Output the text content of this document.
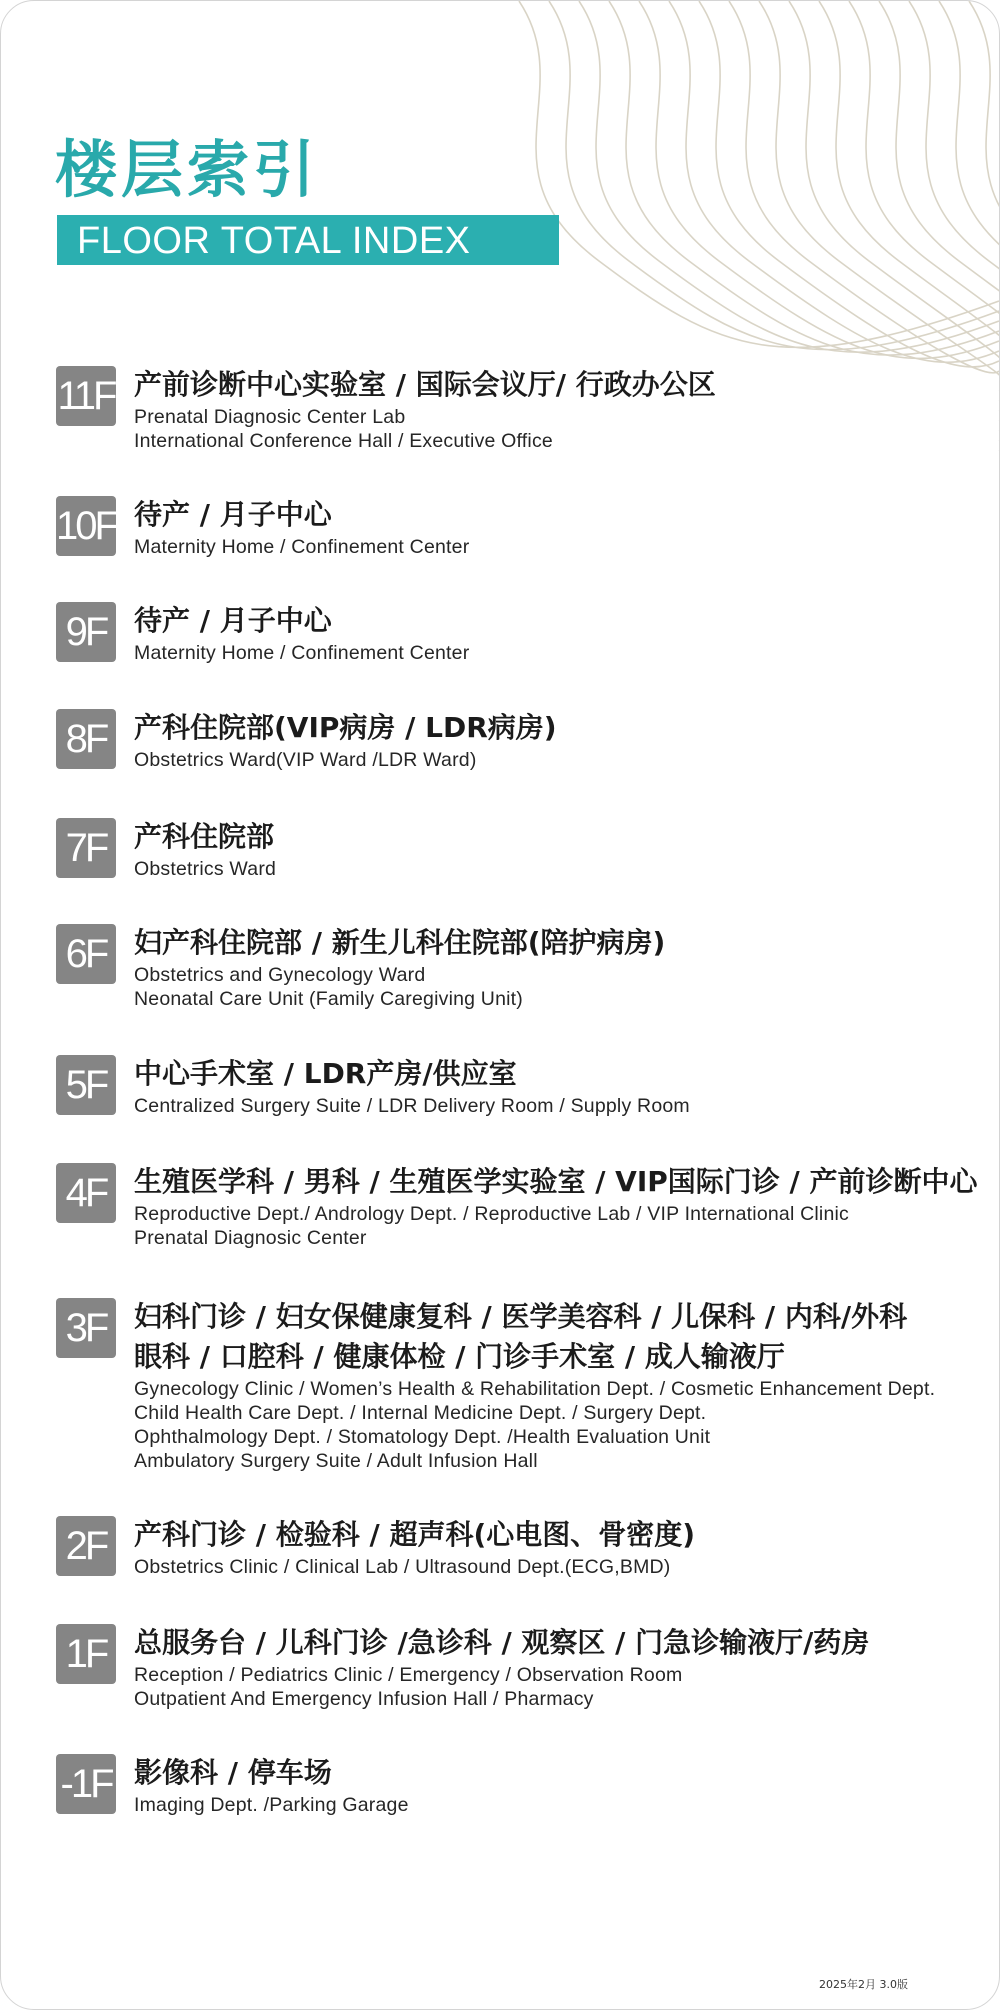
楼层索引
FLOOR TOTAL INDEX
11F 产前诊断中心实验室 / 国际会议厅/ 行政办公区
Prenatal Diagnosic Center Lab
International Conference Hall / Executive Office
10F 待产 / 月子中心
Maternity Home / Confinement Center
9F 待产 / 月子中心
Maternity Home / Confinement Center
8F 产科住院部(VIP病房 / LDR病房)
Obstetrics Ward(VIP Ward /LDR Ward)
7F 产科住院部
Obstetrics Ward
6F 妇产科住院部 / 新生儿科住院部(陪护病房)
Obstetrics and Gynecology Ward
Neonatal Care Unit (Family Caregiving Unit)
5F 中心手术室 / LDR产房/供应室
Centralized Surgery Suite / LDR Delivery Room / Supply Room
4F 生殖医学科 / 男科 / 生殖医学实验室 / VIP国际门诊 / 产前诊断中心
Reproductive Dept./ Andrology Dept. / Reproductive Lab / VIP International Clinic
Prenatal Diagnosic Center
3F 妇科门诊 / 妇女保健康复科 / 医学美容科 / 儿保科 / 内科/外科
眼科 / 口腔科 / 健康体检 / 门诊手术室 / 成人输液厅
Gynecology Clinic / Women’s Health & Rehabilitation Dept. / Cosmetic Enhancement Dept.
Child Health Care Dept. / Internal Medicine Dept. / Surgery Dept.
Ophthalmology Dept. / Stomatology Dept. /Health Evaluation Unit
Ambulatory Surgery Suite / Adult Infusion Hall
2F 产科门诊 / 检验科 / 超声科(心电图、骨密度)
Obstetrics Clinic / Clinical Lab / Ultrasound Dept.(ECG,BMD)
1F 总服务台 / 儿科门诊 /急诊科 / 观察区 / 门急诊输液厅/药房
Reception / Pediatrics Clinic / Emergency / Observation Room
Outpatient And Emergency Infusion Hall / Pharmacy
-1F 影像科 / 停车场
Imaging Dept. /Parking Garage
2025年2月 3.0版
